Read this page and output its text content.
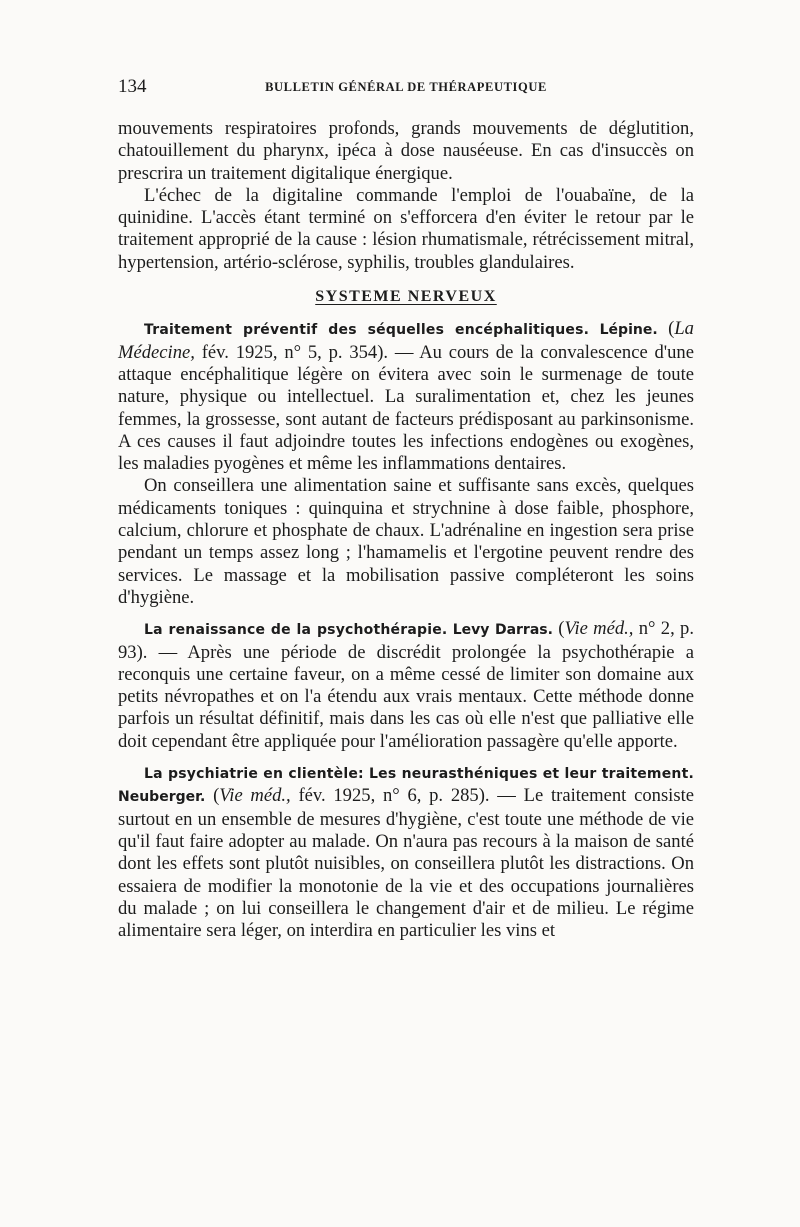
134	BULLETIN GÉNÉRAL DE THÉRAPEUTIQUE

mouvements respiratoires profonds, grands mouvements de déglutition, chatouillement du pharynx, ipéca à dose nauséeuse. En cas d'insuccès on prescrira un traitement digitalique énergique.

L'échec de la digitaline commande l'emploi de l'ouabaïne, de la quinidine. L'accès étant terminé on s'efforcera d'en éviter le retour par le traitement approprié de la cause : lésion rhumatismale, rétrécissement mitral, hypertension, artério-sclérose, syphilis, troubles glandulaires.

SYSTEME NERVEUX

Traitement préventif des séquelles encéphalitiques. Lépine. (La Médecine, fév. 1925, n° 5, p. 354). — Au cours de la convalescence d'une attaque encéphalitique légère on évitera avec soin le surmenage de toute nature, physique ou intellectuel. La suralimentation et, chez les jeunes femmes, la grossesse, sont autant de facteurs prédisposant au parkinsonisme. A ces causes il faut adjoindre toutes les infections endogènes ou exogènes, les maladies pyogènes et même les inflammations dentaires.

On conseillera une alimentation saine et suffisante sans excès, quelques médicaments toniques : quinquina et strychnine à dose faible, phosphore, calcium, chlorure et phosphate de chaux. L'adrénaline en ingestion sera prise pendant un temps assez long ; l'hamamelis et l'ergotine peuvent rendre des services. Le massage et la mobilisation passive compléteront les soins d'hygiène.

La renaissance de la psychothérapie. Levy Darras. (Vie méd., n° 2, p. 93). — Après une période de discrédit prolongée la psychothérapie a reconquis une certaine faveur, on a même cessé de limiter son domaine aux petits névropathes et on l'a étendu aux vrais mentaux. Cette méthode donne parfois un résultat définitif, mais dans les cas où elle n'est que palliative elle doit cependant être appliquée pour l'amélioration passagère qu'elle apporte.

La psychiatrie en clientèle: Les neurasthéniques et leur traitement. Neuberger. (Vie méd., fév. 1925, n° 6, p. 285). — Le traitement consiste surtout en un ensemble de mesures d'hygiène, c'est toute une méthode de vie qu'il faut faire adopter au malade. On n'aura pas recours à la maison de santé dont les effets sont plutôt nuisibles, on conseillera plutôt les distractions. On essaiera de modifier la monotonie de la vie et des occupations journalières du malade ; on lui conseillera le changement d'air et de milieu. Le régime alimentaire sera léger, on interdira en particulier les vins et
